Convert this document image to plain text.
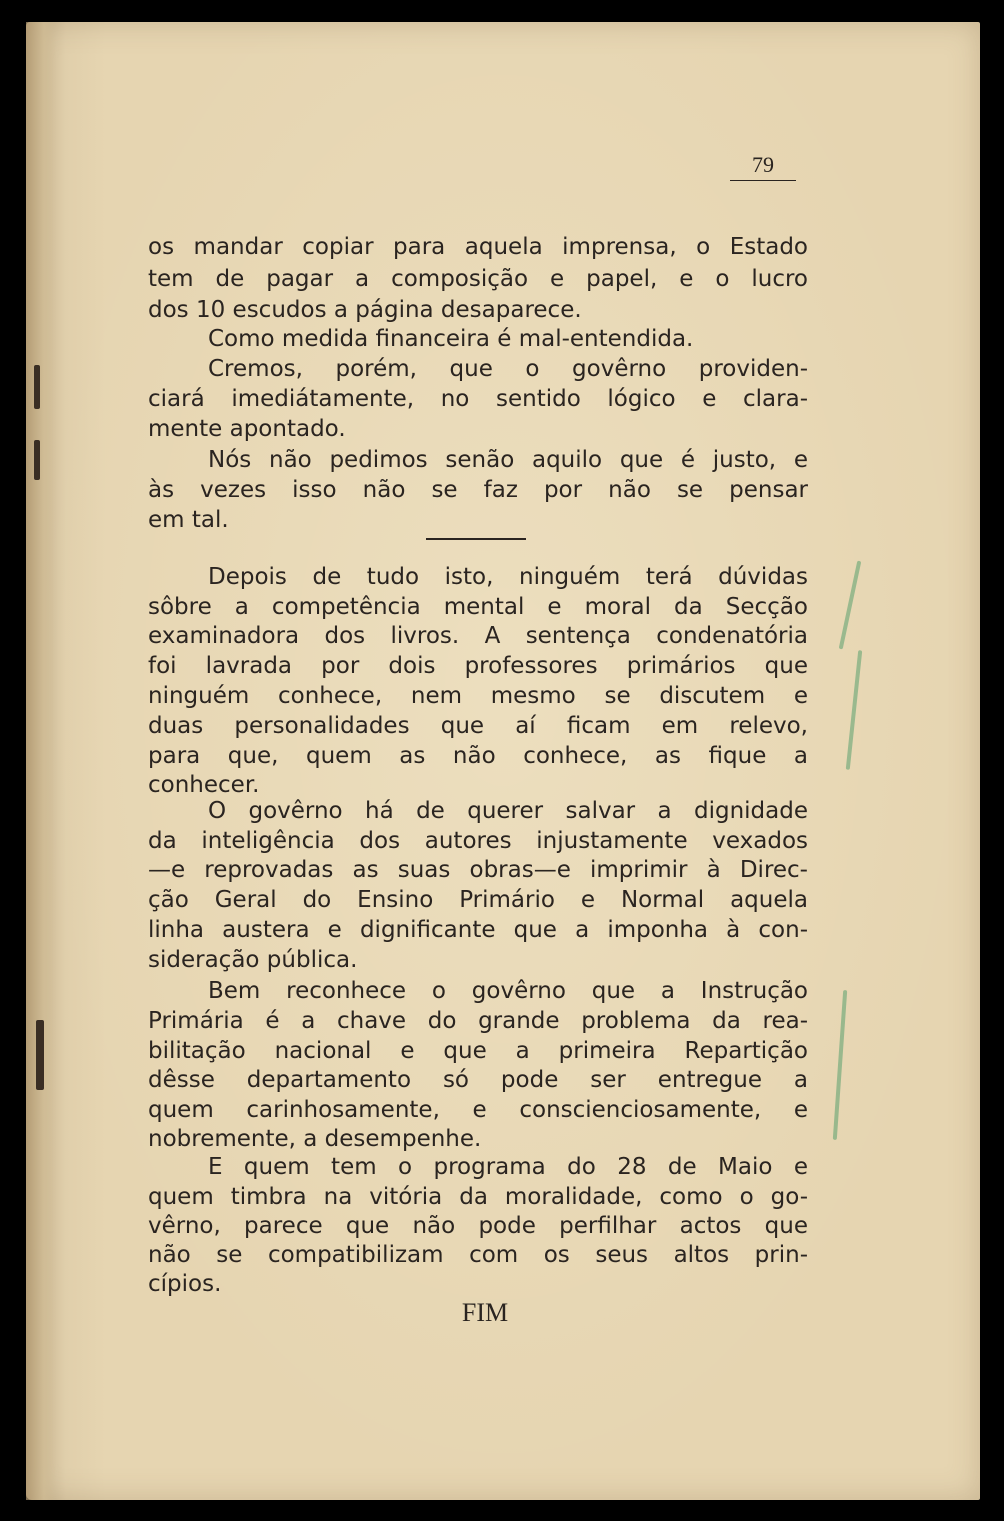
79
os mandar copiar para aquela imprensa, o Estado
tem de pagar a composição e papel, e o lucro
dos 10 escudos a página desaparece.
Como medida financeira é mal-entendida.
Cremos, porém, que o govêrno providen-
ciará imediátamente, no sentido lógico e clara-
mente apontado.
Nós não pedimos senão aquilo que é justo, e
às vezes isso não se faz por não se pensar
em tal.
Depois de tudo isto, ninguém terá dúvidas
sôbre a competência mental e moral da Secção
examinadora dos livros. A sentença condenatória
foi lavrada por dois professores primários que
ninguém conhece, nem mesmo se discutem e
duas personalidades que aí ficam em relevo,
para que, quem as não conhece, as fique a
conhecer.
O govêrno há de querer salvar a dignidade
da inteligência dos autores injustamente vexados
—e reprovadas as suas obras—e imprimir à Direc-
ção Geral do Ensino Primário e Normal aquela
linha austera e dignificante que a imponha à con-
sideração pública.
Bem reconhece o govêrno que a Instrução
Primária é a chave do grande problema da rea-
bilitação nacional e que a primeira Repartição
dêsse departamento só pode ser entregue a
quem carinhosamente, e conscienciosamente, e
nobremente, a desempenhe.
E quem tem o programa do 28 de Maio e
quem timbra na vitória da moralidade, como o go-
vêrno, parece que não pode perfilhar actos que
não se compatibilizam com os seus altos prin-
cípios.
FIM
